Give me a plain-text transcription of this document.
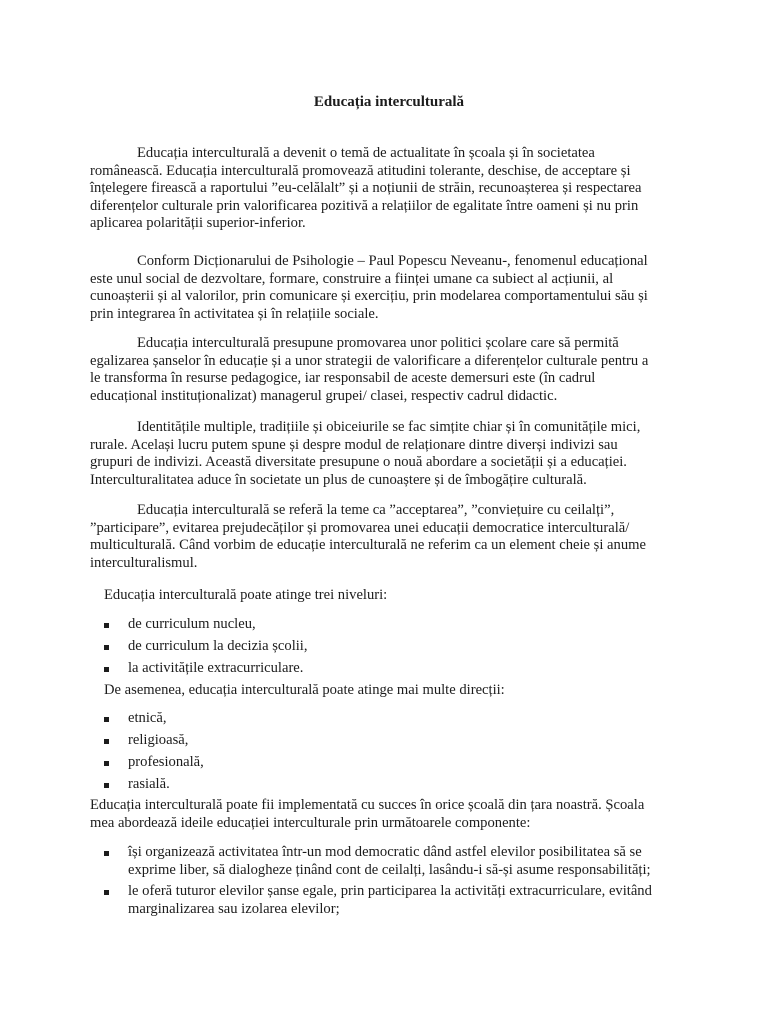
Educația interculturală

Educația interculturală a devenit o temă de actualitate în școala și în societatea
românească. Educația interculturală promovează atitudini tolerante, deschise, de acceptare și
înțelegere firească a raportului ”eu-celălalt” și a noțiunii de străin, recunoașterea și respectarea
diferențelor culturale prin valorificarea pozitivă a relațiilor de egalitate între oameni și nu prin
aplicarea polarității superior-inferior.

Conform Dicționarului de Psihologie – Paul Popescu Neveanu-, fenomenul educațional
este unul social de dezvoltare, formare, construire a ființei umane ca subiect al acțiunii, al
cunoașterii și al valorilor, prin comunicare și exercițiu, prin modelarea comportamentului său și
prin integrarea în activitatea și în relațiile sociale.

Educația interculturală presupune promovarea unor politici școlare care să permită
egalizarea șanselor în educație și a unor strategii de valorificare a diferențelor culturale pentru a
le transforma în resurse pedagogice, iar responsabil de aceste demersuri este (în cadrul
educațional instituționalizat) managerul grupei/ clasei, respectiv cadrul didactic.

Identitățile multiple, tradițiile și obiceiurile se fac simțite chiar și în comunitățile mici,
rurale. Același lucru putem spune și despre modul de relaționare dintre diverși indivizi sau
grupuri de indivizi. Această diversitate presupune o nouă abordare a societății și a educației.
Interculturalitatea aduce în societate un plus de cunoaștere și de îmbogățire culturală.

Educația interculturală se referă la teme ca ”acceptarea”, ”conviețuire cu ceilalți”,
”participare”, evitarea prejudecăților și promovarea unei educații democratice interculturală/
multiculturală. Când vorbim de educație interculturală ne referim ca un element cheie și anume
interculturalismul.

Educația interculturală poate atinge trei niveluri:

de curriculum nucleu,
de curriculum la decizia școlii,
la activitățile extracurriculare.

De asemenea, educația interculturală poate atinge mai multe direcții:

etnică,
religioasă,
profesională,
rasială.

Educația interculturală poate fii implementată cu succes în orice școală din țara noastră. Școala
mea abordează ideile educației interculturale prin următoarele componente:

își organizează activitatea într-un mod democratic dând astfel elevilor posibilitatea să se
exprime liber, să dialogheze ținând cont de ceilalți, lasându-i să-și asume responsabilități;
le oferă tuturor elevilor șanse egale, prin participarea la activități extracurriculare, evitând
marginalizarea sau izolarea elevilor;
